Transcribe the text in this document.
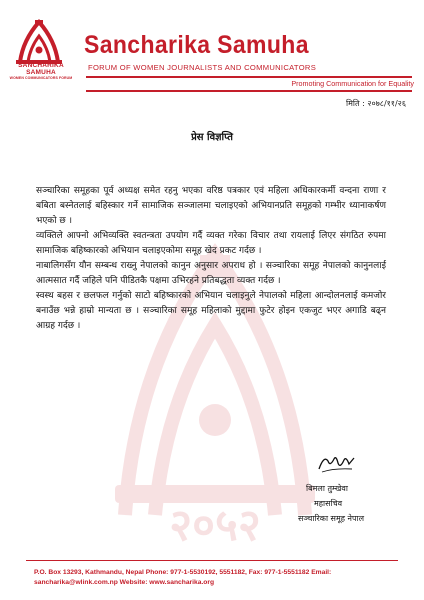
२०५२
SANCHARIKA SAMUHA
WOMEN COMMUNICATORS FORUM
Sancharika Samuha
FORUM OF WOMEN JOURNALISTS AND COMMUNICATORS
Promoting Communication for Equality
मिति : २०७८/११/२६
प्रेस विज्ञप्ति

सञ्चारिका समूहका पूर्व अध्यक्ष समेत रहनु भएका वरिष्ठ पत्रकार एवं महिला अधिकारकर्मी वन्दना राणा र बबिता बस्नेतलाई बहिस्कार गर्ने सामाजिक सञ्जालमा चलाइएको अभियानप्रति समूहको गम्भीर ध्यानाकर्षण भएको छ ।

व्यक्तिले आफ्नो अभिव्यक्ति स्वतन्त्रता उपयोग गर्दै व्यक्त गरेका विचार तथा रायलाई लिएर संगठित रुपमा सामाजिक बहिष्कारको अभियान चलाइएकोमा समूह खेद प्रकट गर्दछ ।

नाबालिगसँग यौन सम्बन्ध राख्नु नेपालको कानुन अनुसार अपराध हो । सञ्चारिका समूह नेपालको कानुनलाई आत्मसात गर्दै जहिले पनि पीडितकै पक्षमा उभिरहने प्रतिबद्धता व्यक्त गर्दछ ।

स्वस्थ बहस र छलफल गर्नुको साटो बहिष्कारको अभियान चलाइनुले नेपालको महिला आन्दोलनलाई कमजोर बनाउँछ भन्ने हाम्रो मान्यता छ । सञ्चारिका समूह महिलाको मुद्दामा फुटेर होइन एकजुट भएर अगाडि बढ्न आग्रह गर्दछ ।

बिमला तुम्खेवा
महासचिव
सञ्चारिका समूह नेपाल
P.O. Box 13293, Kathmandu, Nepal Phone: 977-1-5530192, 5551182, Fax: 977-1-5551182 Email:
sancharika@wlink.com.np Website: www.sancharika.org
